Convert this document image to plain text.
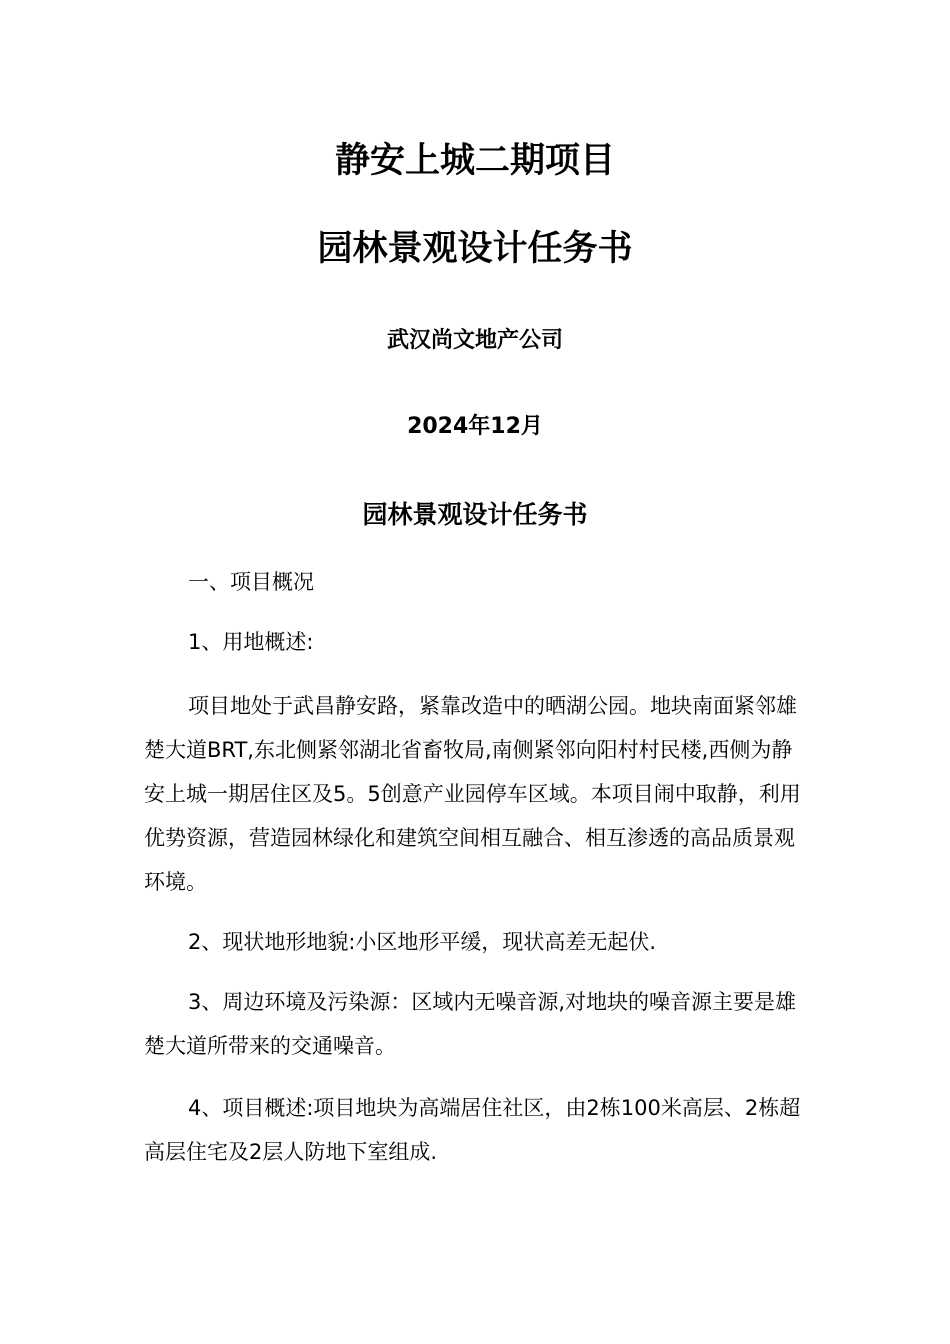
静安上城二期项目
园林景观设计任务书
武汉尚文地产公司
2024年12月
园林景观设计任务书

一、项目概况

1、用地概述:

项目地处于武昌静安路，紧靠改造中的晒湖公园。地块南面紧邻雄楚大道BRT,东北侧紧邻湖北省畜牧局,南侧紧邻向阳村村民楼,西侧为静安上城一期居住区及5。5创意产业园停车区域。本项目闹中取静，利用优势资源，营造园林绿化和建筑空间相互融合、相互渗透的高品质景观环境。

2、现状地形地貌:小区地形平缓，现状高差无起伏.

3、周边环境及污染源：区域内无噪音源,对地块的噪音源主要是雄楚大道所带来的交通噪音。

4、项目概述:项目地块为高端居住社区，由2栋100米高层、2栋超高层住宅及2层人防地下室组成.
